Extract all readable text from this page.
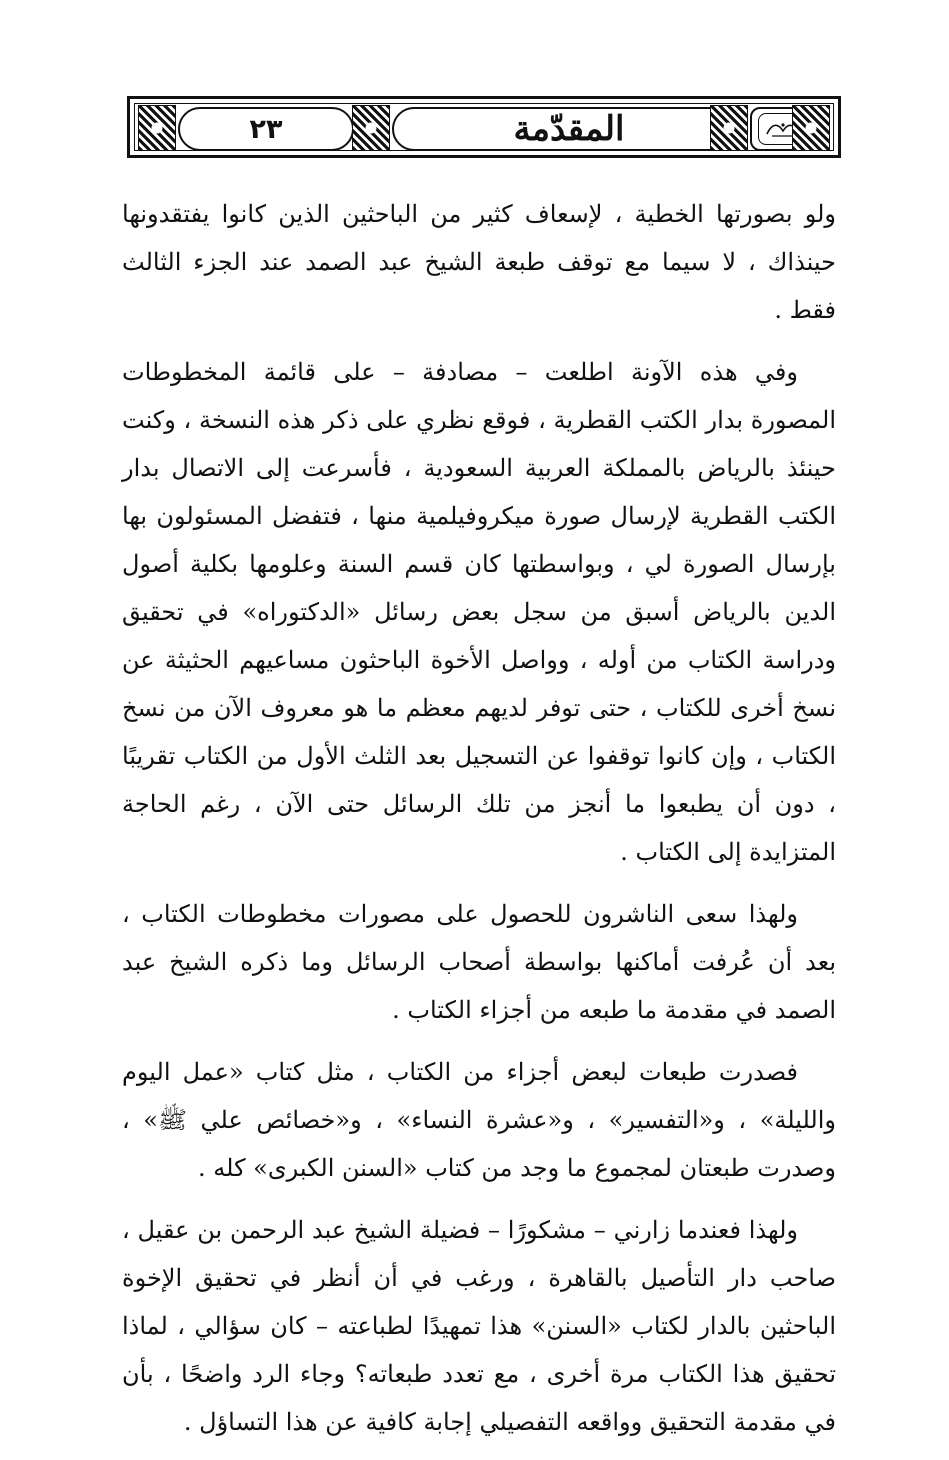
٢٣	المقدّمة

ولو بصورتها الخطية ، لإسعاف كثير من الباحثين الذين كانوا يفتقدونها حينذاك ، لا سيما مع توقف طبعة الشيخ عبد الصمد عند الجزء الثالث فقط .

وفي هذه الآونة اطلعت – مصادفة – على قائمة المخطوطات المصورة بدار الكتب القطرية ، فوقع نظري على ذكر هذه النسخة ، وكنت حينئذ بالرياض بالمملكة العربية السعودية ، فأسرعت إلى الاتصال بدار الكتب القطرية لإرسال صورة ميكروفيلمية منها ، فتفضل المسئولون بها بإرسال الصورة لي ، وبواسطتها كان قسم السنة وعلومها بكلية أصول الدين بالرياض أسبق من سجل بعض رسائل «الدكتوراه» في تحقيق ودراسة الكتاب من أوله ، وواصل الأخوة الباحثون مساعيهم الحثيثة عن نسخ أخرى للكتاب ، حتى توفر لديهم معظم ما هو معروف الآن من نسخ الكتاب ، وإن كانوا توقفوا عن التسجيل بعد الثلث الأول من الكتاب تقريبًا ، دون أن يطبعوا ما أنجز من تلك الرسائل حتى الآن ، رغم الحاجة المتزايدة إلى الكتاب .

ولهذا سعى الناشرون للحصول على مصورات مخطوطات الكتاب ، بعد أن عُرفت أماكنها بواسطة أصحاب الرسائل وما ذكره الشيخ عبد الصمد في مقدمة ما طبعه من أجزاء الكتاب .

فصدرت طبعات لبعض أجزاء من الكتاب ، مثل كتاب «عمل اليوم والليلة» ، و«التفسير» ، و«عشرة النساء» ، و«خصائص علي ﷺ» ، وصدرت طبعتان لمجموع ما وجد من كتاب «السنن الكبرى» كله .

ولهذا فعندما زارني – مشكورًا – فضيلة الشيخ عبد الرحمن بن عقيل ، صاحب دار التأصيل بالقاهرة ، ورغب في أن أنظر في تحقيق الإخوة الباحثين بالدار لكتاب «السنن» هذا تمهيدًا لطباعته – كان سؤالي ، لماذا تحقيق هذا الكتاب مرة أخرى ، مع تعدد طبعاته؟ وجاء الرد واضحًا ، بأن في مقدمة التحقيق وواقعه التفصيلي إجابة كافية عن هذا التساؤل .
